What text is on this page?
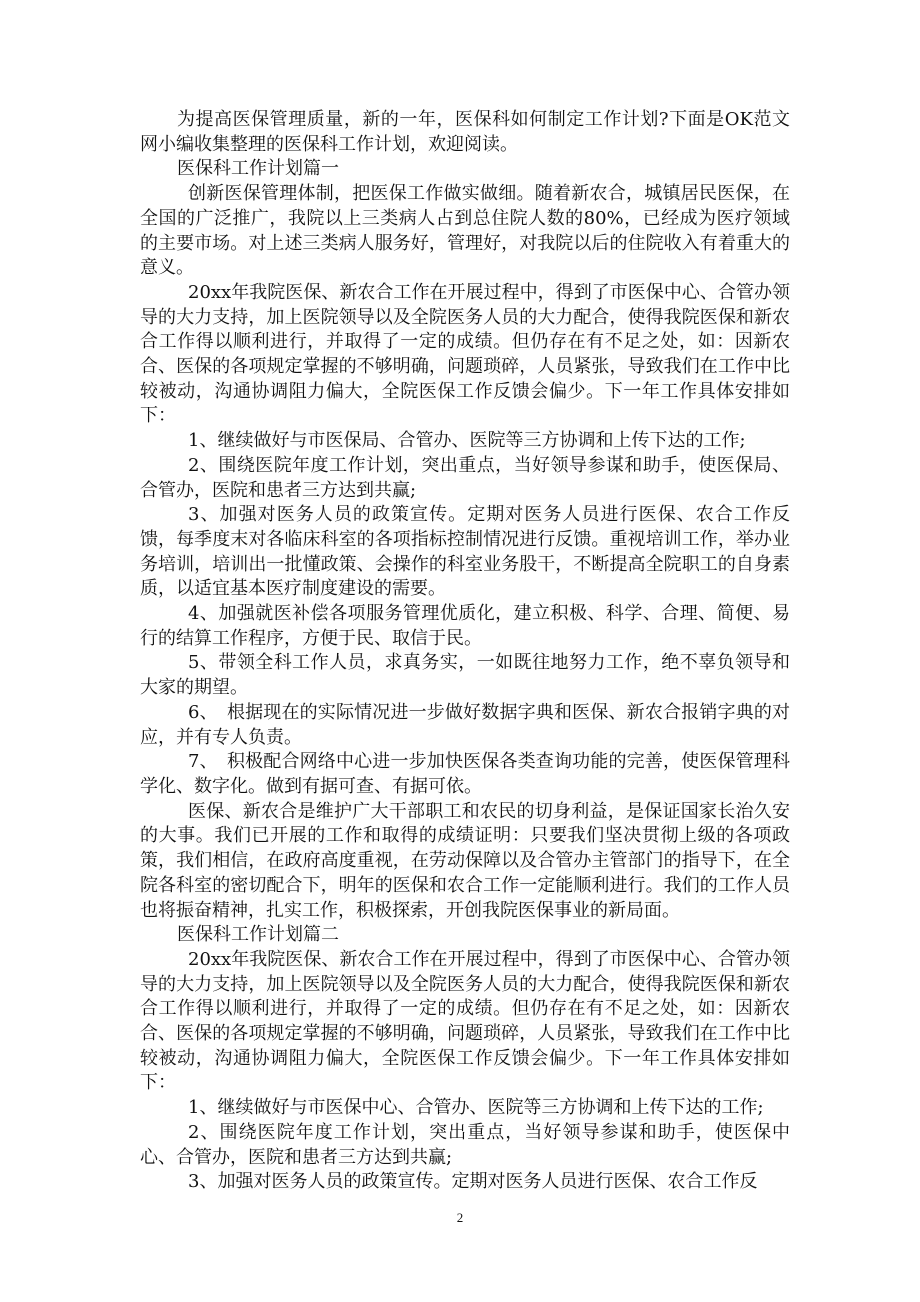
为提高医保管理质量，新的一年，医保科如何制定工作计划?下面是OK范文网小编收集整理的医保科工作计划，欢迎阅读。

医保科工作计划篇一

创新医保管理体制，把医保工作做实做细。随着新农合，城镇居民医保，在全国的广泛推广，我院以上三类病人占到总住院人数的80%，已经成为医疗领域的主要市场。对上述三类病人服务好，管理好，对我院以后的住院收入有着重大的意义。

20xx年我院医保、新农合工作在开展过程中，得到了市医保中心、合管办领导的大力支持，加上医院领导以及全院医务人员的大力配合，使得我院医保和新农合工作得以顺利进行，并取得了一定的成绩。但仍存在有不足之处，如：因新农合、医保的各项规定掌握的不够明确，问题琐碎，人员紧张，导致我们在工作中比较被动，沟通协调阻力偏大，全院医保工作反馈会偏少。下一年工作具体安排如下：

1、继续做好与市医保局、合管办、医院等三方协调和上传下达的工作;

2、围绕医院年度工作计划，突出重点，当好领导参谋和助手，使医保局、合管办，医院和患者三方达到共赢;

3、加强对医务人员的政策宣传。定期对医务人员进行医保、农合工作反馈，每季度末对各临床科室的各项指标控制情况进行反馈。重视培训工作，举办业务培训，培训出一批懂政策、会操作的科室业务股干，不断提高全院职工的自身素质，以适宜基本医疗制度建设的需要。

4、加强就医补偿各项服务管理优质化，建立积极、科学、合理、简便、易行的结算工作程序，方便于民、取信于民。

5、带领全科工作人员，求真务实，一如既往地努力工作，绝不辜负领导和大家的期望。

6、　根据现在的实际情况进一步做好数据字典和医保、新农合报销字典的对应，并有专人负责。

7、　积极配合网络中心进一步加快医保各类查询功能的完善，使医保管理科学化、数字化。做到有据可查、有据可依。

医保、新农合是维护广大干部职工和农民的切身利益，是保证国家长治久安的大事。我们已开展的工作和取得的成绩证明：只要我们坚决贯彻上级的各项政策，我们相信，在政府高度重视，在劳动保障以及合管办主管部门的指导下，在全院各科室的密切配合下，明年的医保和农合工作一定能顺利进行。我们的工作人员也将振奋精神，扎实工作，积极探索，开创我院医保事业的新局面。

医保科工作计划篇二

20xx年我院医保、新农合工作在开展过程中，得到了市医保中心、合管办领导的大力支持，加上医院领导以及全院医务人员的大力配合，使得我院医保和新农合工作得以顺利进行，并取得了一定的成绩。但仍存在有不足之处，如：因新农合、医保的各项规定掌握的不够明确，问题琐碎，人员紧张，导致我们在工作中比较被动，沟通协调阻力偏大，全院医保工作反馈会偏少。下一年工作具体安排如下：

1、继续做好与市医保中心、合管办、医院等三方协调和上传下达的工作;

2、围绕医院年度工作计划，突出重点，当好领导参谋和助手，使医保中心、合管办，医院和患者三方达到共赢;

3、加强对医务人员的政策宣传。定期对医务人员进行医保、农合工作反

2
